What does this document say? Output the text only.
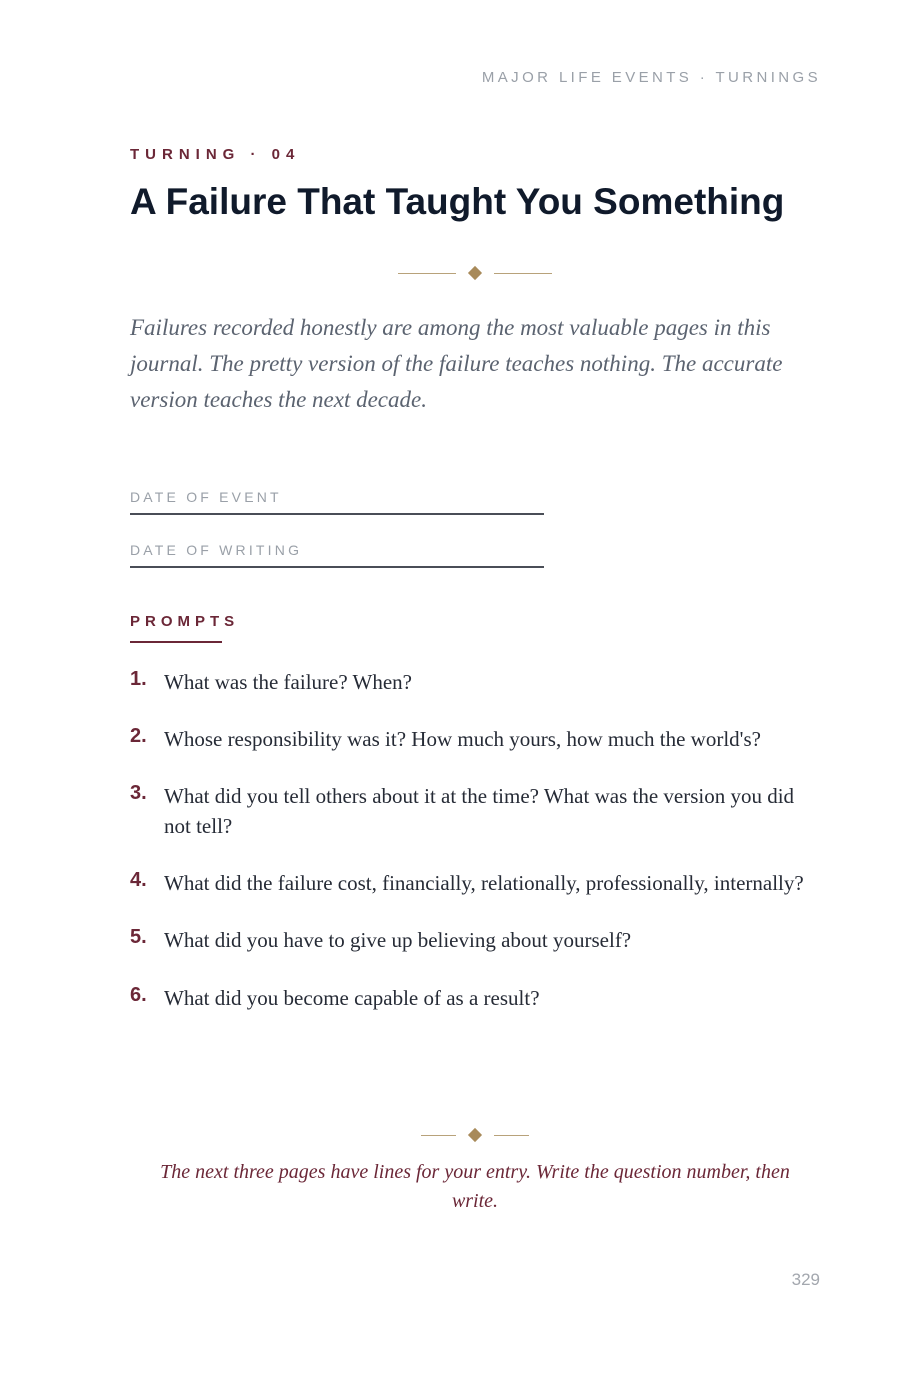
MAJOR LIFE EVENTS · TURNINGS
TURNING · 04
A Failure That Taught You Something

Failures recorded honestly are among the most valuable pages in this journal. The pretty version of the failure teaches nothing. The accurate version teaches the next decade.

DATE OF EVENT
DATE OF WRITING
PROMPTS
1. What was the failure? When?
2. Whose responsibility was it? How much yours, how much the world's?
3. What did you tell others about it at the time? What was the version you did not tell?
4. What did the failure cost, financially, relationally, professionally, internally?
5. What did you have to give up believing about yourself?
6. What did you become capable of as a result?

The next three pages have lines for your entry. Write the question number, then write.

329
